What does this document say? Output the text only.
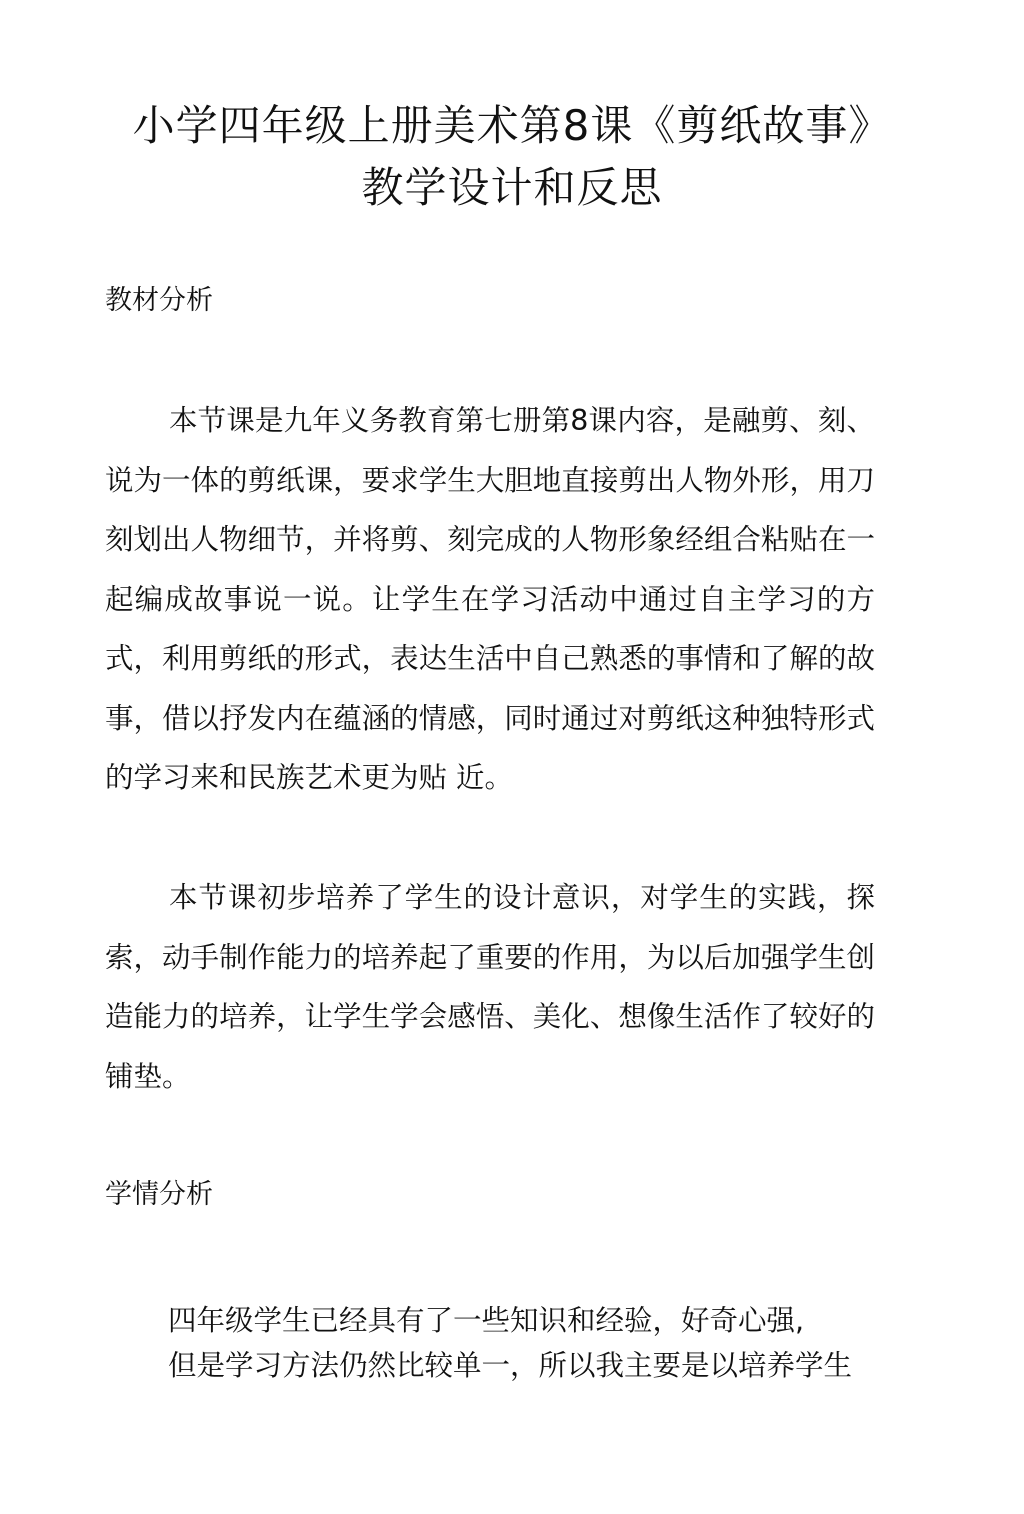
小学四年级上册美术第8课《剪纸故事》
教学设计和反思
教材分析
本节课是九年义务教育第七册第8课内容，是融剪、刻、说为一体的剪纸课，要求学生大胆地直接剪出人物外形，用刀刻划出人物细节，并将剪、刻完成的人物形象经组合粘贴在一起编成故事说一说。让学生在学习活动中通过自主学习的方式，利用剪纸的形式，表达生活中自己熟悉的事情和了解的故事，借以抒发内在蕴涵的情感，同时通过对剪纸这种独特形式的学习来和民族艺术更为贴 近。
本节课初步培养了学生的设计意识，对学生的实践，探索，动手制作能力的培养起了重要的作用，为以后加强学生创造能力的培养，让学生学会感悟、美化、想像生活作了较好的铺垫。
学情分析
四年级学生已经具有了一些知识和经验，好奇心强,
但是学习方法仍然比较单一，所以我主要是以培养学生
